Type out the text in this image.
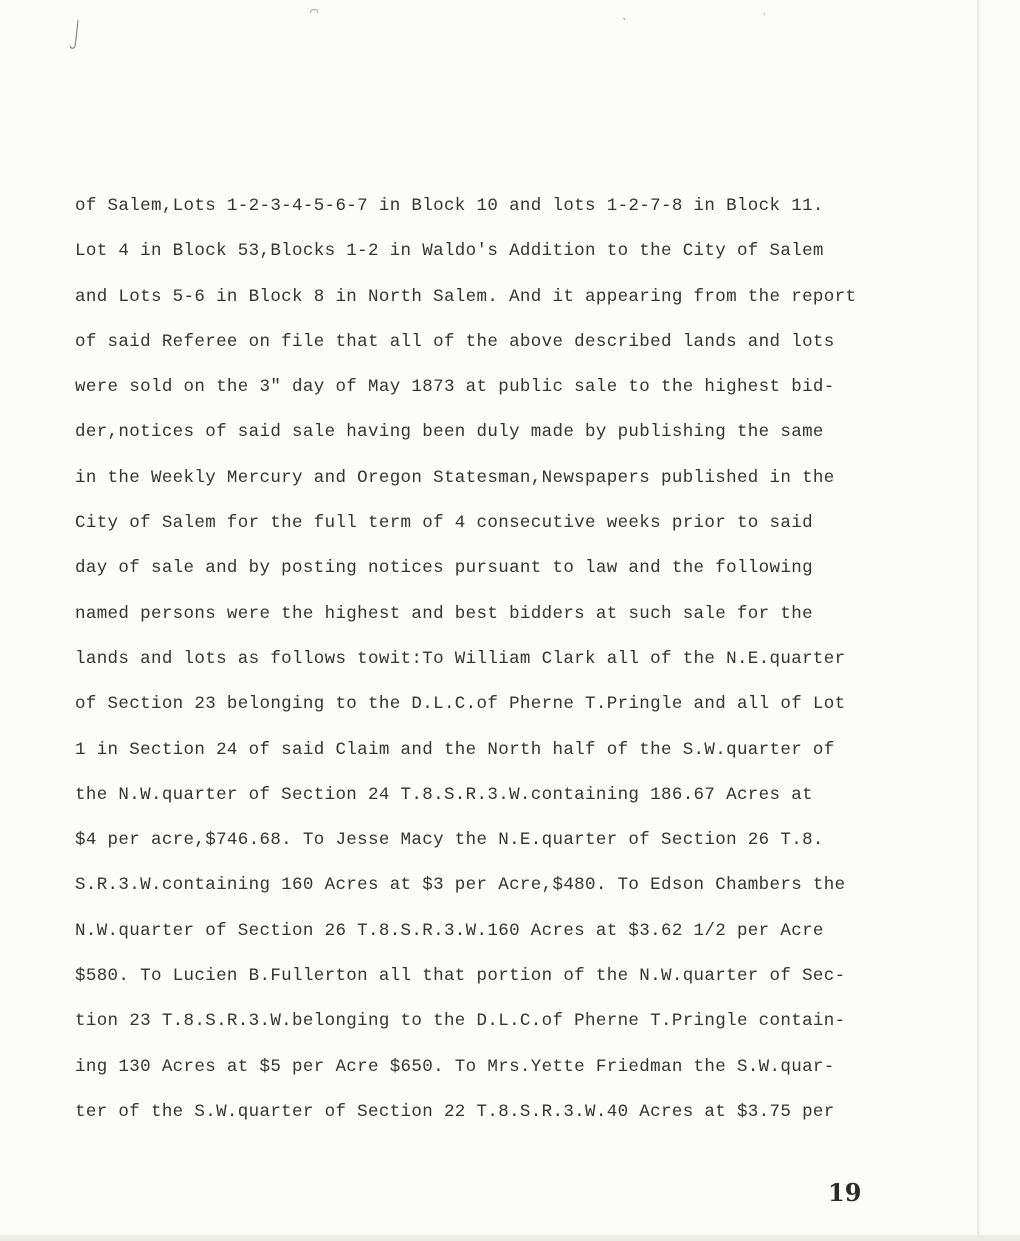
⌒	ˎ	ˈ
of Salem,Lots 1-2-3-4-5-6-7 in Block 10 and lots 1-2-7-8 in Block 11.
Lot 4 in Block 53,Blocks 1-2 in Waldo's Addition to the City of Salem
and Lots 5-6 in Block 8 in North Salem. And it appearing from the report
of said Referee on file that all of the above described lands and lots
were sold on the 3" day of May 1873 at public sale to the highest bid-
der,notices of said sale having been duly made by publishing the same
in the Weekly Mercury and Oregon Statesman,Newspapers published in the
City of Salem for the full term of 4 consecutive weeks prior to said
day of sale and by posting notices pursuant to law and the following
named persons were the highest and best bidders at such sale for the
lands and lots as follows towit:To William Clark all of the N.E.quarter
of Section 23 belonging to the D.L.C.of Pherne T.Pringle and all of Lot
1 in Section 24 of said Claim and the North half of the S.W.quarter of
the N.W.quarter of Section 24 T.8.S.R.3.W.containing 186.67 Acres at
$4 per acre,$746.68. To Jesse Macy the N.E.quarter of Section 26 T.8.
S.R.3.W.containing 160 Acres at $3 per Acre,$480. To Edson Chambers the
N.W.quarter of Section 26 T.8.S.R.3.W.160 Acres at $3.62 1/2 per Acre
$580. To Lucien B.Fullerton all that portion of the N.W.quarter of Sec-
tion 23 T.8.S.R.3.W.belonging to the D.L.C.of Pherne T.Pringle contain-
ing 130 Acres at $5 per Acre $650. To Mrs.Yette Friedman the S.W.quar-
ter of the S.W.quarter of Section 22 T.8.S.R.3.W.40 Acres at $3.75 per
19
